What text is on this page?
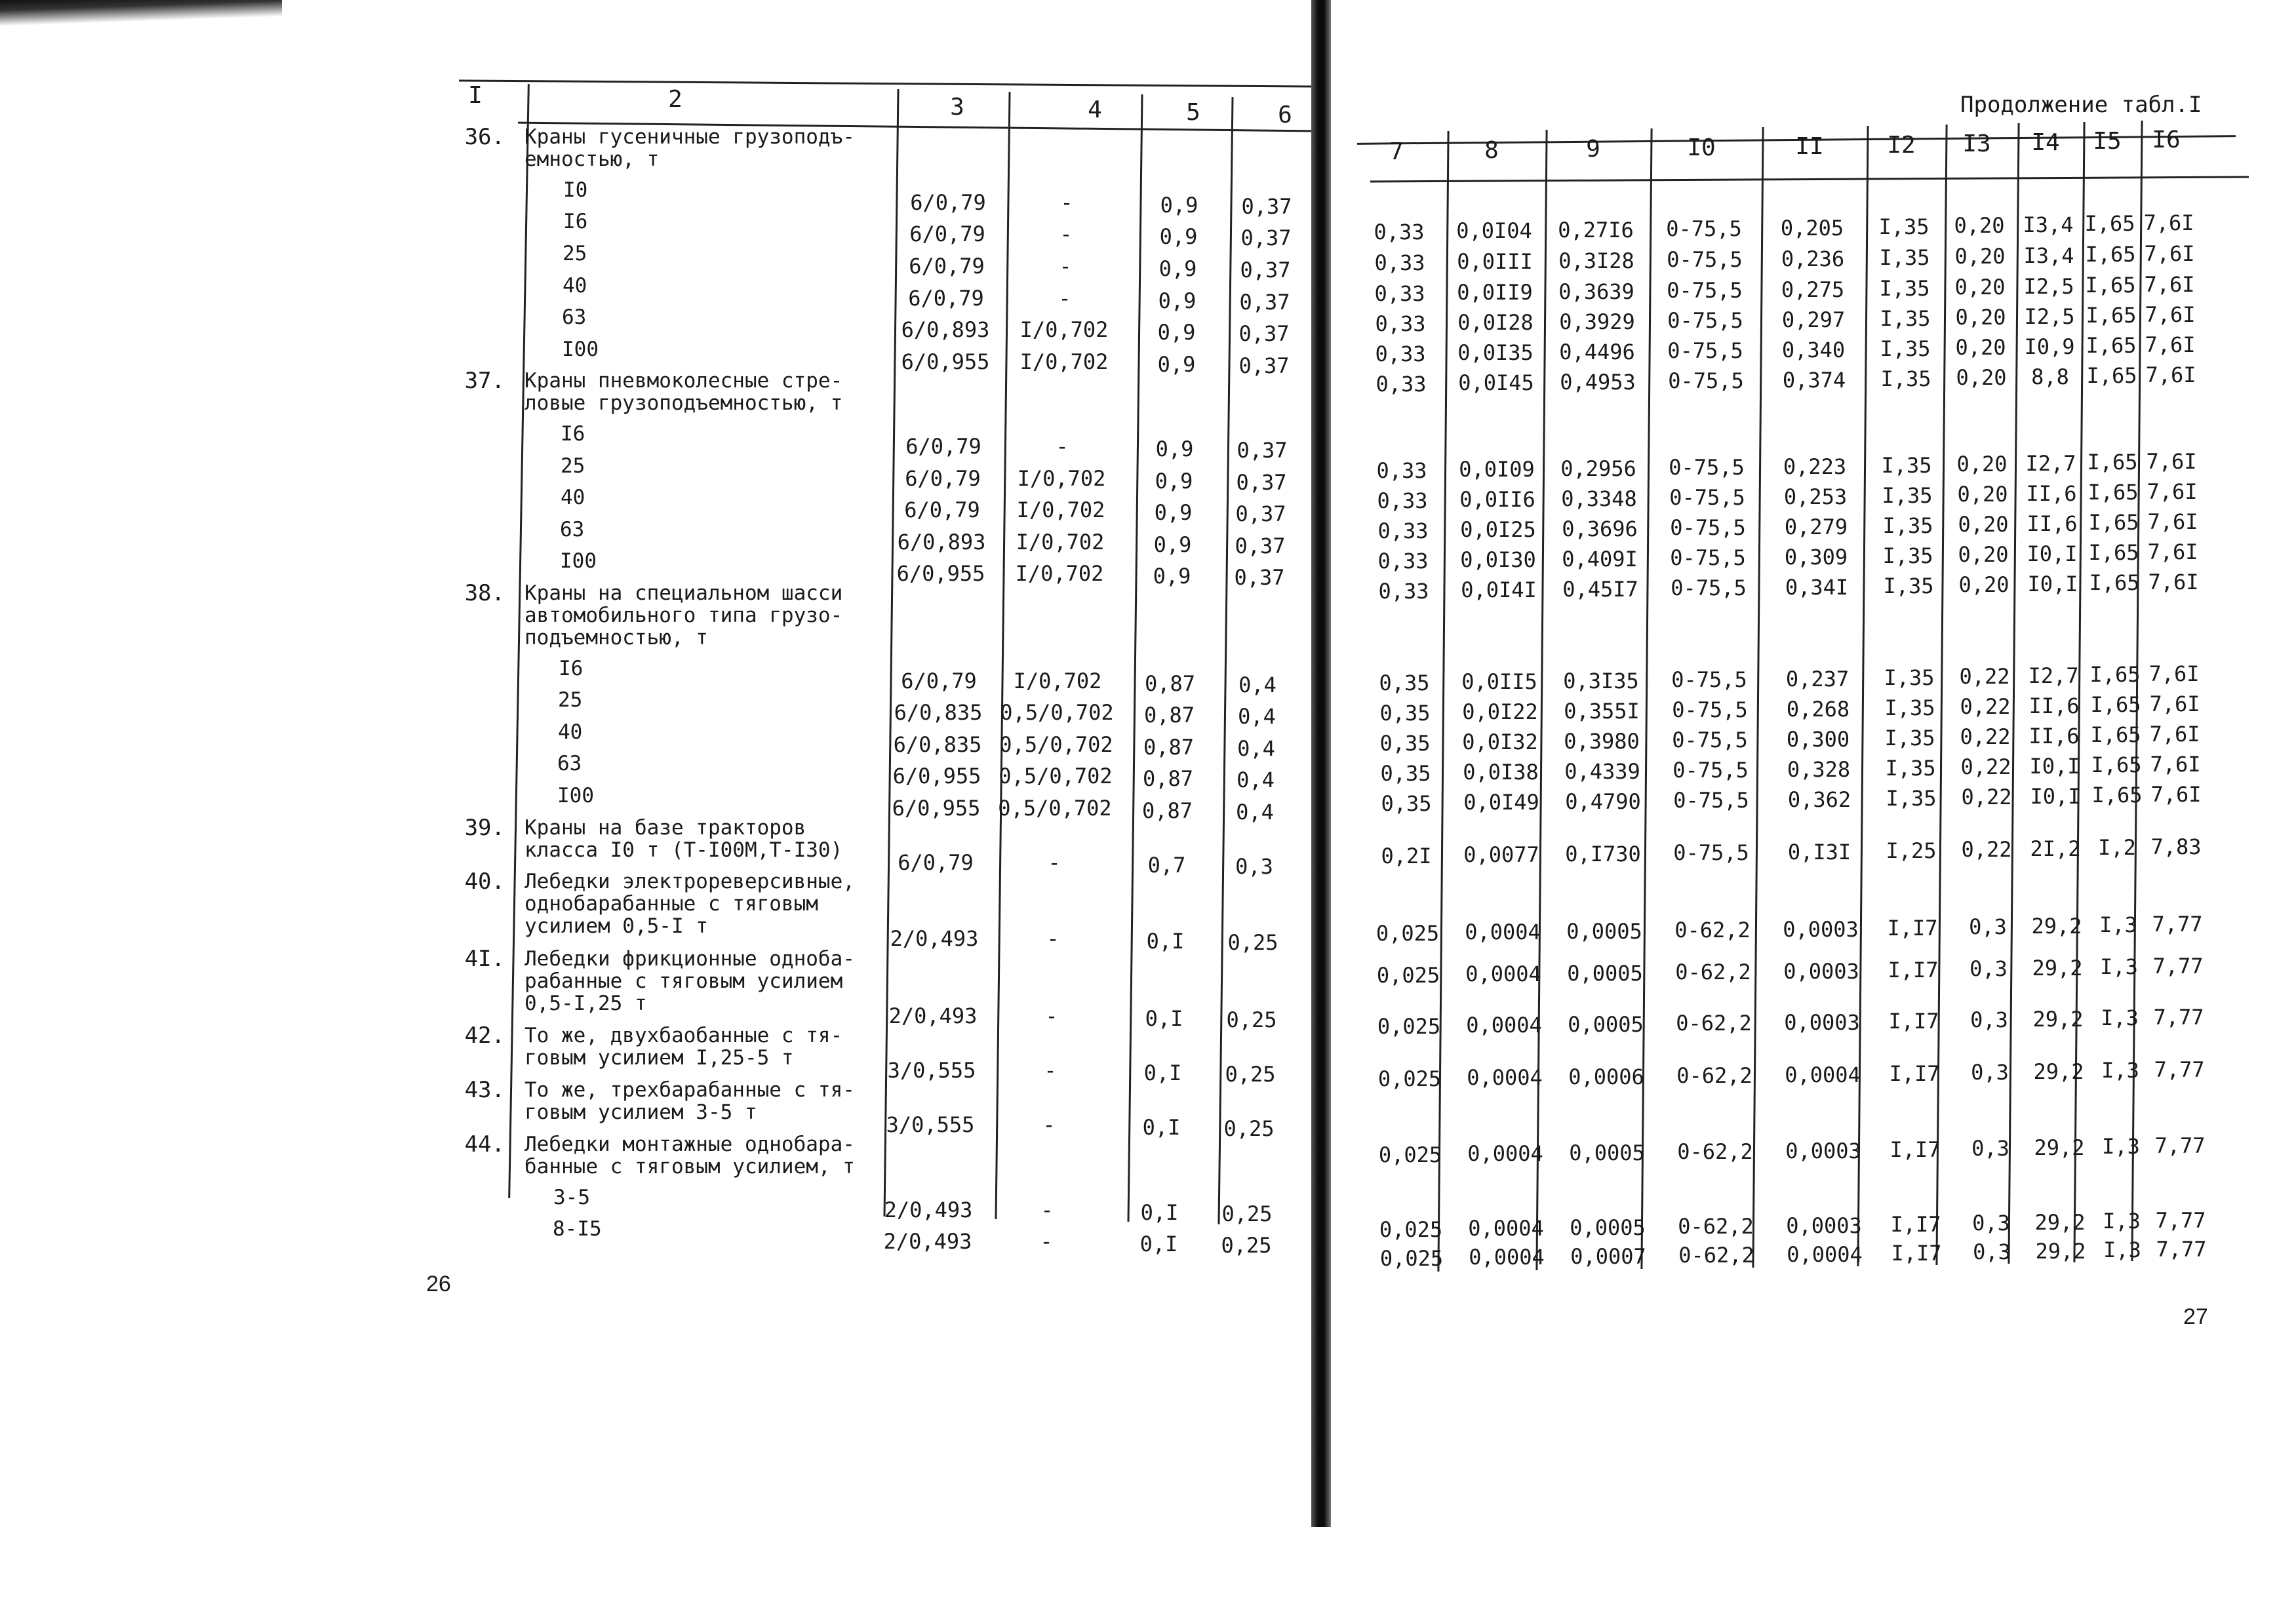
I	2	3	4	5	6
36. Краны гусеничные грузоподъ-
емностью, т
I0	6/0,79	-	0,9	0,37
I6	6/0,79	-	0,9	0,37
25	6/0,79	-	0,9	0,37
40	6/0,79	-	0,9	0,37
63	6/0,893	I/0,702	0,9	0,37
I00	6/0,955	I/0,702	0,9	0,37
37. Краны пневмоколесные стре-
ловые грузоподъемностью, т
I6	6/0,79	-	0,9	0,37
25	6/0,79	I/0,702	0,9	0,37
40	6/0,79	I/0,702	0,9	0,37
63	6/0,893	I/0,702	0,9	0,37
I00	6/0,955	I/0,702	0,9	0,37
38. Краны на специальном шасси
автомобильного типа грузо-
подъемностью, т
I6	6/0,79	I/0,702	0,87	0,4
25	6/0,835 0,5/0,702	0,87	0,4
40	6/0,835 0,5/0,702	0,87	0,4
63	6/0,955 0,5/0,702	0,87	0,4
I00	6/0,955 0,5/0,702	0,87	0,4
39. Краны на базе тракторов
класса I0 т (Т-I00М,Т-I30)	6/0,79	-	0,7	0,3
40. Лебедки электрореверсивные,
однобарабанные с тяговым
усилием 0,5-I т	2/0,493	-	0,I	0,25
4I. Лебедки фрикционные однoба-
рабанные с тяговым усилием
0,5-I,25 т	2/0,493	-	0,I	0,25
42. То же, двухбаобанные с тя-
говым усилием I,25-5 т	3/0,555	-	0,I	0,25
43. То же, трехбарабанные с тя-
говым усилием 3-5 т	3/0,555	-	0,I	0,25
44. Лебедки монтажные однобара-
банные с тяговым усилием, т
3-5	2/0,493	-	0,I	0,25
8-I5	2/0,493	-	0,I	0,25
26
Продолжение табл.I
7	8	9	I0	II	I2	I3	I4	I5	I6
0,33	0,0I04	0,27I6	0-75,5	0,205	I,35	0,20 I3,4 I,65 7,6I
0,33	0,0III	0,3I28	0-75,5	0,236	I,35	0,20 I3,4 I,65 7,6I
0,33	0,0II9	0,3639	0-75,5	0,275	I,35	0,20 I2,5 I,65 7,6I
0,33	0,0I28	0,3929	0-75,5	0,297	I,35	0,20 I2,5 I,65 7,6I
0,33	0,0I35	0,4496	0-75,5	0,340	I,35	0,20 I0,9 I,65 7,6I
0,33	0,0I45	0,4953	0-75,5	0,374	I,35	0,20	8,8 I,65 7,6I
0,33	0,0I09	0,2956	0-75,5	0,223	I,35	0,20 I2,7 I,65 7,6I
0,33	0,0II6	0,3348	0-75,5	0,253	I,35	0,20 II,6 I,65 7,6I
0,33	0,0I25	0,3696	0-75,5	0,279	I,35	0,20 II,6 I,65 7,6I
0,33	0,0I30	0,409I	0-75,5	0,309	I,35	0,20 I0,I I,65 7,6I
0,33	0,0I4I	0,45I7	0-75,5	0,34I	I,35	0,20 I0,I I,65 7,6I
0,35	0,0II5	0,3I35	0-75,5	0,237	I,35	0,22 I2,7 I,65 7,6I
0,35	0,0I22	0,355I	0-75,5	0,268	I,35	0,22 II,6 I,65 7,6I
0,35	0,0I32	0,3980	0-75,5	0,300	I,35	0,22 II,6 I,65 7,6I
0,35	0,0I38	0,4339	0-75,5	0,328	I,35	0,22 I0,I I,65 7,6I
0,35	0,0I49	0,4790	0-75,5	0,362	I,35	0,22 I0,I I,65 7,6I
0,2I	0,0077	0,I730	0-75,5	0,I3I	I,25	0,22 2I,2 I,2 7,83
0,025	0,0004	0,0005	0-62,2	0,0003	I,I7	0,3	29,2 I,3 7,77
0,025	0,0004	0,0005	0-62,2	0,0003	I,I7	0,3	29,2 I,3 7,77
0,025	0,0004	0,0005	0-62,2	0,0003	I,I7	0,3	29,2 I,3 7,77
0,025	0,0004	0,0006	0-62,2	0,0004	I,I7	0,3	29,2 I,3 7,77
0,025	0,0004	0,0005	0-62,2	0,0003	I,I7	0,3	29,2 I,3 7,77
0,025	0,0004	0,0005	0-62,2	0,0003	I,I7	0,3	29,2 I,3 7,77
0,025	0,0004	0,0007	0-62,2	0,0004	I,I7	0,3	29,2 I,3 7,77
27
